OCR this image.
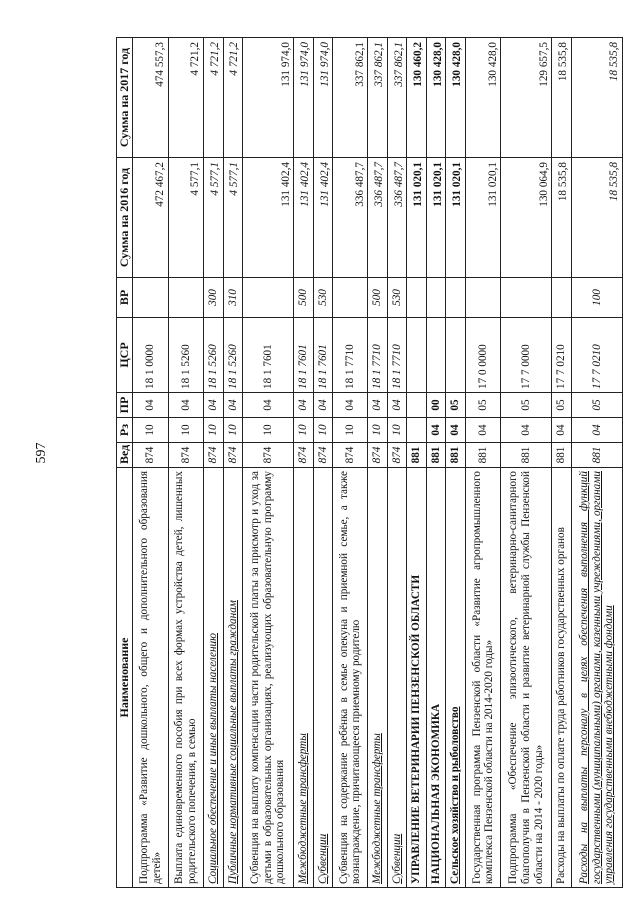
597
Наименование	Вед	Рз	ПР	ЦСР	ВР	Сумма на 2016 год	Сумма на 2017 год
Подпрограмма «Развитие дошкольного, общего и дополнительного образования детей»	874	10	04	18 1 0000		472 467,2	474 557,3
Выплата единовременного пособия при всех формах устройства детей, лишенных родительского попечения, в семью	874	10	04	18 1 5260		4 577,1	4 721,2
Социальное обеспечение и иные выплаты населению	874	10	04	18 1 5260	300	4 577,1	4 721,2
Публичные нормативные социальные выплаты гражданам	874	10	04	18 1 5260	310	4 577,1	4 721,2
Субвенция на выплату компенсации части родительской платы за присмотр и уход за детьми в образовательных организациях, реализующих образовательную программу дошкольного образования	874	10	04	18 1 7601		131 402,4	131 974,0
Межбюджетные трансферты	874	10	04	18 1 7601	500	131 402,4	131 974,0
Субвенции	874	10	04	18 1 7601	530	131 402,4	131 974,0
Субвенция на содержание ребёнка в семье опекуна и приемной семье, а также вознаграждение, причитающееся приемному родителю	874	10	04	18 1 7710		336 487,7	337 862,1
Межбюджетные трансферты	874	10	04	18 1 7710	500	336 487,7	337 862,1
Субвенции	874	10	04	18 1 7710	530	336 487,7	337 862,1
УПРАВЛЕНИЕ ВЕТЕРИНАРИИ ПЕНЗЕНСКОЙ ОБЛАСТИ	881					131 020,1	130 460,2
НАЦИОНАЛЬНАЯ ЭКОНОМИКА	881	04	00			131 020,1	130 428,0
Сельское хозяйство и рыболовство	881	04	05			131 020,1	130 428,0
Государственная программа Пензенской области «Развитие агропромышленного комплекса Пензенской области на 2014-2020 годы»	881	04	05	17 0 0000		131 020,1	130 428,0
Подпрограмма «Обеспечение эпизоотического, ветеринарно-санитарного благополучия в Пензенской области и развитие ветеринарной службы Пензенской области на 2014 - 2020 годы»	881	04	05	17 7 0000		130 064,9	129 657,5
Расходы на выплаты по оплате труда работников государственных органов	881	04	05	17 7 0210		18 535,8	18 535,8
Расходы на выплаты персоналу в целях обеспечения выполнения функций государственными (муниципальными) органами, казенными учреждениями, органами управления государственными внебюджетными фондами	881	04	05	17 7 0210	100	18 535,8	18 535,8
